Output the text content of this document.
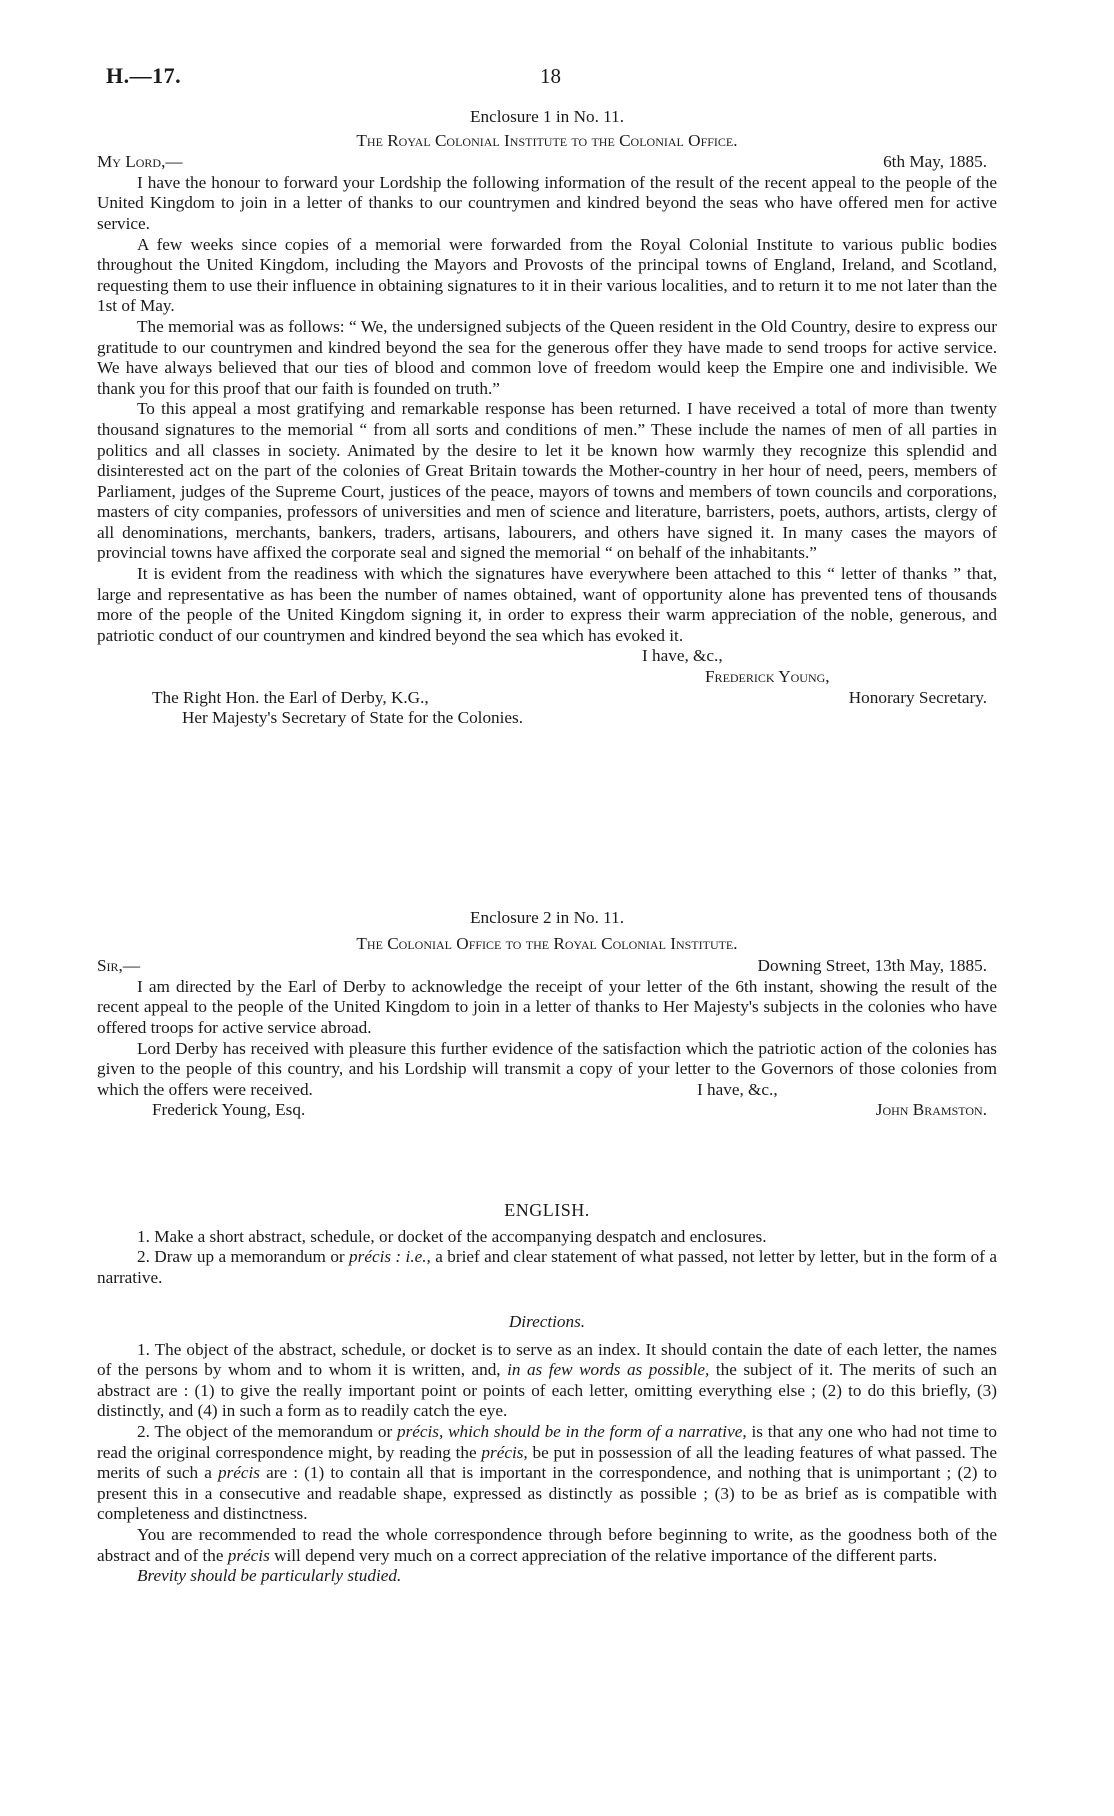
H.—17.	18
Enclosure 1 in No. 11.
The Royal Colonial Institute to the Colonial Office.
My Lord,—	6th May, 1885.

I have the honour to forward your Lordship the following information of the result of the recent appeal to the people of the United Kingdom to join in a letter of thanks to our countrymen and kindred beyond the seas who have offered men for active service.

A few weeks since copies of a memorial were forwarded from the Royal Colonial Institute to various public bodies throughout the United Kingdom, including the Mayors and Provosts of the principal towns of England, Ireland, and Scotland, requesting them to use their influence in obtaining signatures to it in their various localities, and to return it to me not later than the 1st of May.

The memorial was as follows: “ We, the undersigned subjects of the Queen resident in the Old Country, desire to express our gratitude to our countrymen and kindred beyond the sea for the generous offer they have made to send troops for active service. We have always believed that our ties of blood and common love of freedom would keep the Empire one and indivisible. We thank you for this proof that our faith is founded on truth.”

To this appeal a most gratifying and remarkable response has been returned. I have received a total of more than twenty thousand signatures to the memorial “ from all sorts and conditions of men.” These include the names of men of all parties in politics and all classes in society. Animated by the desire to let it be known how warmly they recognize this splendid and disinterested act on the part of the colonies of Great Britain towards the Mother-country in her hour of need, peers, members of Parliament, judges of the Supreme Court, justices of the peace, mayors of towns and members of town councils and corporations, masters of city companies, professors of universities and men of science and literature, barristers, poets, authors, artists, clergy of all denominations, merchants, bankers, traders, artisans, labourers, and others have signed it. In many cases the mayors of provincial towns have affixed the corporate seal and signed the memorial “ on behalf of the inhabitants.”

It is evident from the readiness with which the signatures have everywhere been attached to this “ letter of thanks ” that, large and representative as has been the number of names obtained, want of opportunity alone has prevented tens of thousands more of the people of the United Kingdom signing it, in order to express their warm appreciation of the noble, generous, and patriotic conduct of our countrymen and kindred beyond the sea which has evoked it.

I have, &c.,
Frederick Young,
The Right Hon. the Earl of Derby, K.G.,	Honorary Secretary.
Her Majesty's Secretary of State for the Colonies.
Enclosure 2 in No. 11.
The Colonial Office to the Royal Colonial Institute.
Sir,—	Downing Street, 13th May, 1885.

I am directed by the Earl of Derby to acknowledge the receipt of your letter of the 6th instant, showing the result of the recent appeal to the people of the United Kingdom to join in a letter of thanks to Her Majesty's subjects in the colonies who have offered troops for active service abroad.

Lord Derby has received with pleasure this further evidence of the satisfaction which the patriotic action of the colonies has given to the people of this country, and his Lordship will transmit a copy of your letter to the Governors of those colonies from which the offers were received.	I have, &c.,
Frederick Young, Esq.	John Bramston.
ENGLISH.

1. Make a short abstract, schedule, or docket of the accompanying despatch and enclosures.

2. Draw up a memorandum or précis : i.e., a brief and clear statement of what passed, not letter by letter, but in the form of a narrative.

Directions.

1. The object of the abstract, schedule, or docket is to serve as an index. It should contain the date of each letter, the names of the persons by whom and to whom it is written, and, in as few words as possible, the subject of it. The merits of such an abstract are : (1) to give the really important point or points of each letter, omitting everything else ; (2) to do this briefly, (3) distinctly, and (4) in such a form as to readily catch the eye.

2. The object of the memorandum or précis, which should be in the form of a narrative, is that any one who had not time to read the original correspondence might, by reading the précis, be put in possession of all the leading features of what passed. The merits of such a précis are : (1) to contain all that is important in the correspondence, and nothing that is unimportant ; (2) to present this in a consecutive and readable shape, expressed as distinctly as possible ; (3) to be as brief as is compatible with completeness and distinctness.

You are recommended to read the whole correspondence through before beginning to write, as the goodness both of the abstract and of the précis will depend very much on a correct appreciation of the relative importance of the different parts.

Brevity should be particularly studied.
